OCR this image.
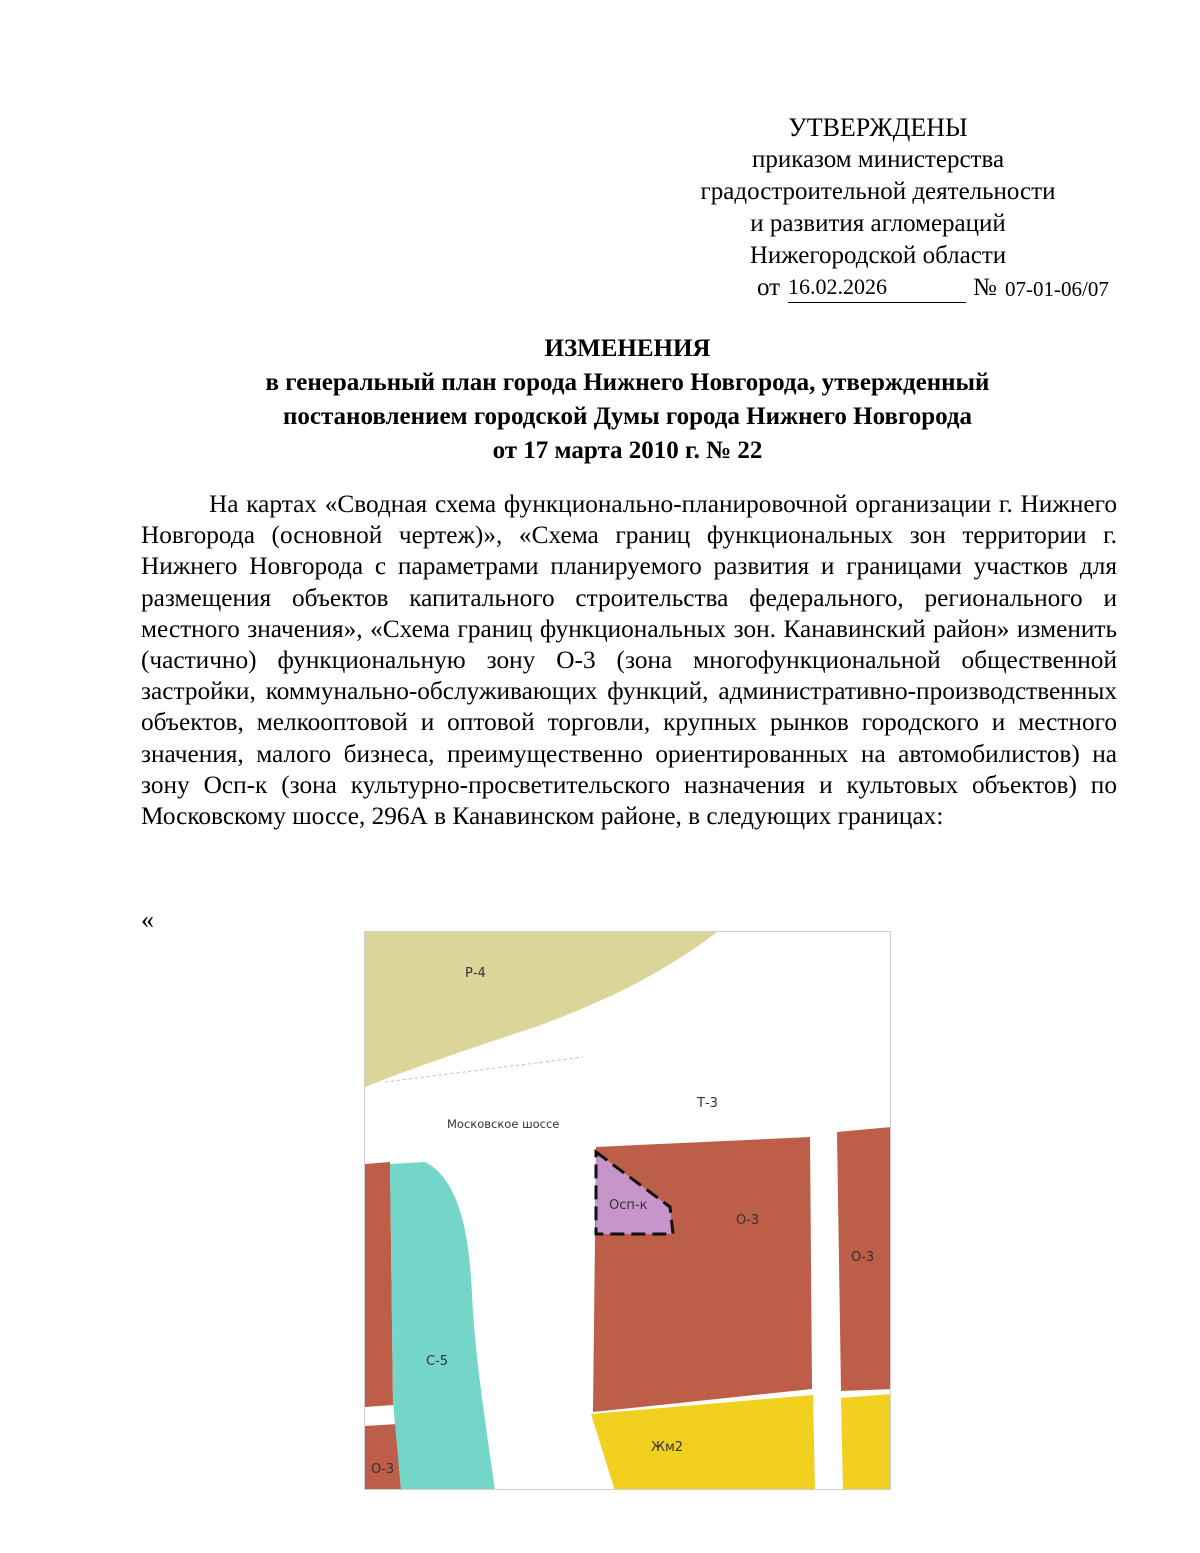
УТВЕРЖДЕНЫ
приказом министерства
градостроительной деятельности
и развития агломераций
Нижегородской области
от 16.02.2026	№ 07-01-06/07
ИЗМЕНЕНИЯ
в генеральный план города Нижнего Новгорода, утвержденный
постановлением городской Думы города Нижнего Новгорода
от 17 марта 2010 г. № 22

На картах «Сводная схема функционально-планировочной организации г. Нижнего Новгорода (основной чертеж)», «Схема границ функциональных зон территории г. Нижнего Новгорода с параметрами планируемого развития и границами участков для размещения объектов капитального строительства федерального, регионального и местного значения», «Схема границ функциональных зон. Канавинский район» изменить (частично) функциональную зону О-3 (зона многофункциональной общественной застройки, коммунально-обслуживающих функций, административно-производственных объектов, мелкооптовой и оптовой торговли, крупных рынков городского и местного значения, малого бизнеса, преимущественно ориентированных на автомобилистов) на зону Осп-к (зона культурно-просветительского назначения и культовых объектов) по Московскому шоссе, 296А в Канавинском районе, в следующих границах:

«
Р-4
Т-3
Московское шоссе
Осп-к
О-3
О-3
С-5
Жм2
О-3
